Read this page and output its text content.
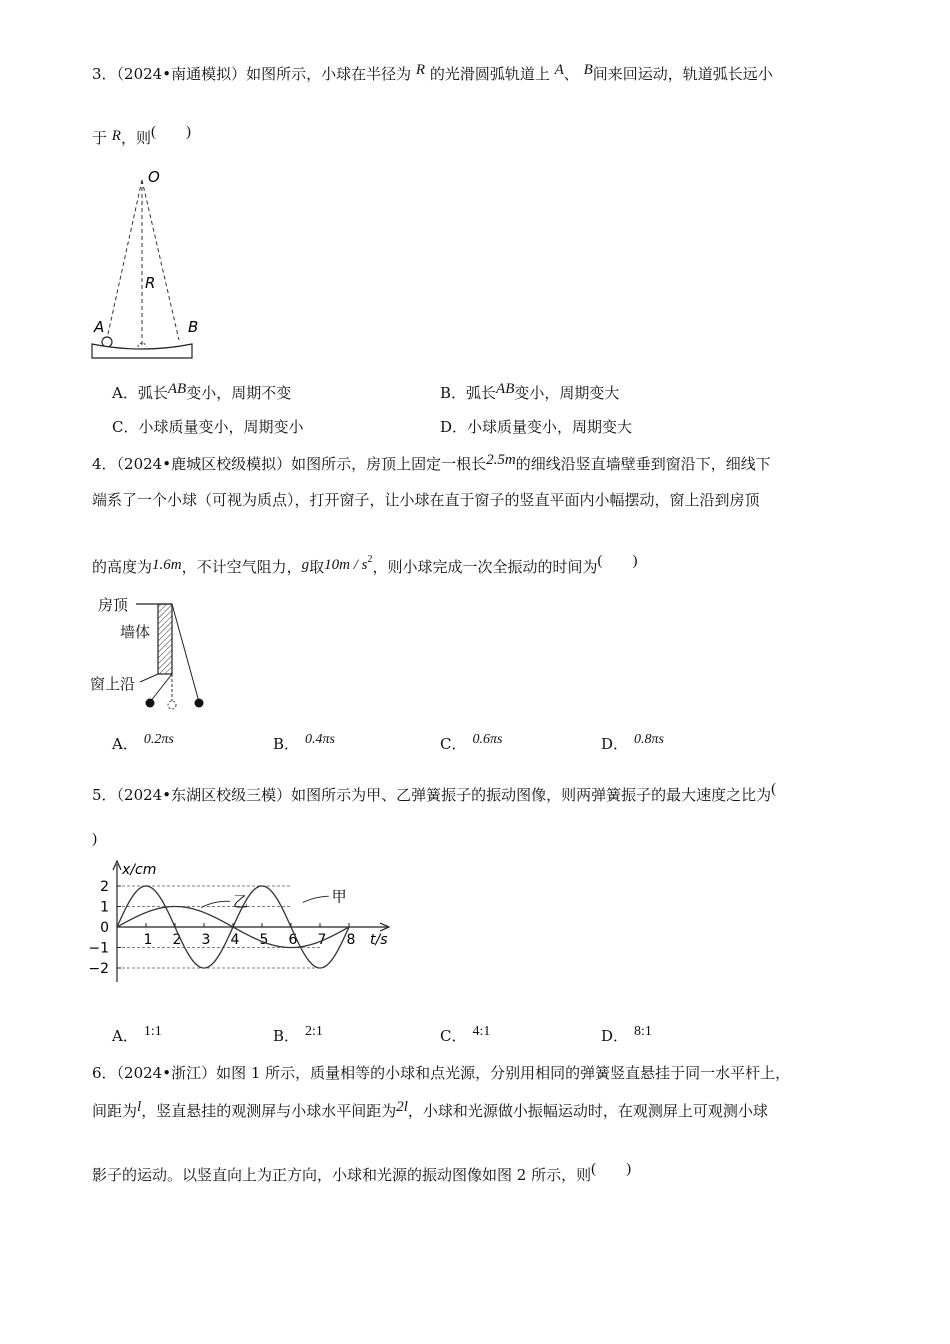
3．（2024•南通模拟）如图所示，小球在半径为 R 的光滑圆弧轨道上 A、 B间来回运动，轨道弧长远小
于 R，则(　　)
O
R
A	B
A．弧长AB变小，周期不变	B．弧长AB变小，周期变大
C．小球质量变小，周期变小	D．小球质量变小，周期变大
4．（2024•鹿城区校级模拟）如图所示，房顶上固定一根长2.5m的细线沿竖直墙壁垂到窗沿下，细线下
端系了一个小球（可视为质点），打开窗子，让小球在直于窗子的竖直平面内小幅摆动，窗上沿到房顶
的高度为1.6m，不计空气阻力，g取$10m / s^2$，则小球完成一次全振动的时间为(　　)
房顶
墙体
窗上沿
A． 0.2πs	B． 0.4πs	C． 0.6πs	D． 0.8πs
5．（2024•东湖区校级三模）如图所示为甲、乙弹簧振子的振动图像，则两弹簧振子的最大速度之比为(
)
x/cm
t/s
2
1
0
−1
−2
1 2 3 4 5 6 7 8
甲
乙
A． 1:1	B． 2:1	C． 4:1	D． 8:1
6．（2024•浙江）如图 1 所示，质量相等的小球和点光源，分别用相同的弹簧竖直悬挂于同一水平杆上，
间距为l，竖直悬挂的观测屏与小球水平间距为2l，小球和光源做小振幅运动时，在观测屏上可观测小球
影子的运动。以竖直向上为正方向，小球和光源的振动图像如图 2 所示，则(　　)
